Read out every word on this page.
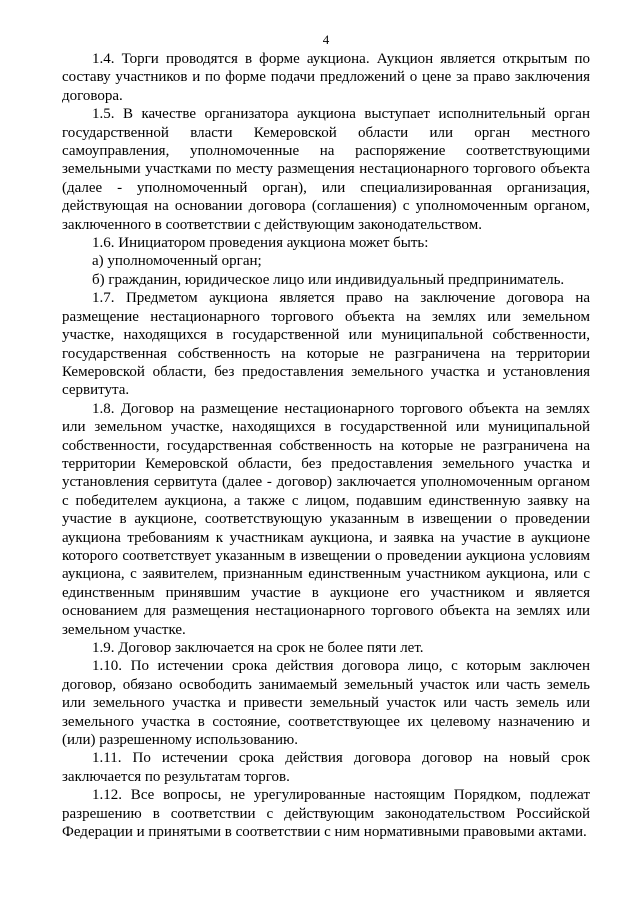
4

1.4. Торги проводятся в форме аукциона. Аукцион является открытым по составу участников и по форме подачи предложений о цене за право заключения договора.

1.5. В качестве организатора аукциона выступает исполнительный орган государственной власти Кемеровской области или орган местного самоуправления, уполномоченные на распоряжение соответствующими земельными участками по месту размещения нестационарного торгового объекта (далее - уполномоченный орган), или специализированная организация, действующая на основании договора (соглашения) с уполномоченным органом, заключенного в соответствии с действующим законодательством.

1.6. Инициатором проведения аукциона может быть:

а) уполномоченный орган;

б) гражданин, юридическое лицо или индивидуальный предприниматель.

1.7. Предметом аукциона является право на заключение договора на размещение нестационарного торгового объекта на землях или земельном участке, находящихся в государственной или муниципальной собственности, государственная собственность на которые не разграничена на территории Кемеровской области, без предоставления земельного участка и установления сервитута.

1.8. Договор на размещение нестационарного торгового объекта на землях или земельном участке, находящихся в государственной или муниципальной собственности, государственная собственность на которые не разграничена на территории Кемеровской области, без предоставления земельного участка и установления сервитута (далее - договор) заключается уполномоченным органом с победителем аукциона, а также с лицом, подавшим единственную заявку на участие в аукционе, соответствующую указанным в извещении о проведении аукциона требованиям к участникам аукциона, и заявка на участие в аукционе которого соответствует указанным в извещении о проведении аукциона условиям аукциона, с заявителем, признанным единственным участником аукциона, или с единственным принявшим участие в аукционе его участником и является основанием для размещения нестационарного торгового объекта на землях или земельном участке.

1.9. Договор заключается на срок не более пяти лет.

1.10. По истечении срока действия договора лицо, с которым заключен договор, обязано освободить занимаемый земельный участок или часть земель или земельного участка и привести земельный участок или часть земель или земельного участка в состояние, соответствующее их целевому назначению и (или) разрешенному использованию.

1.11. По истечении срока действия договора договор на новый срок заключается по результатам торгов.

1.12. Все вопросы, не урегулированные настоящим Порядком, подлежат разрешению в соответствии с действующим законодательством Российской Федерации и принятыми в соответствии с ним нормативными правовыми актами.
